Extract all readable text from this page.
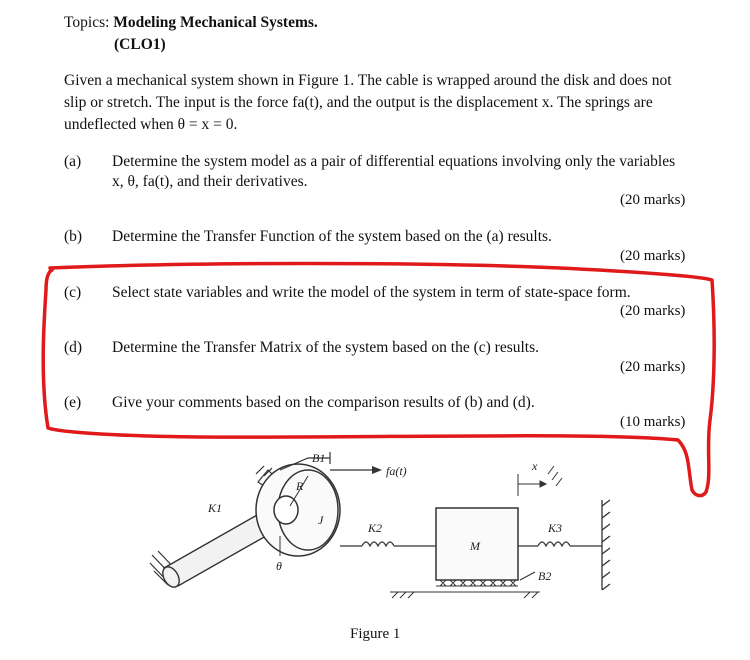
Topics: Modeling Mechanical Systems.
(CLO1)
Given a mechanical system shown in Figure 1. The cable is wrapped around the disk and does not
slip or stretch. The input is the force fa(t), and the output is the displacement x. The springs are
undeflected when θ = x = 0.
(a) Determine the system model as a pair of differential equations involving only the variables
x, θ, fa(t), and their derivatives.
(20 marks)
(b) Determine the Transfer Function of the system based on the (a) results.
(20 marks)
(c) Select state variables and write the model of the system in term of state-space form.
(20 marks)
(d) Determine the Transfer Matrix of the system based on the (c) results.
(20 marks)
(e) Give your comments based on the comparison results of (b) and (d).
(10 marks)
B1
fa(t)
R
J
K1
θ
K2
M
K3
B2
x
Figure 1
